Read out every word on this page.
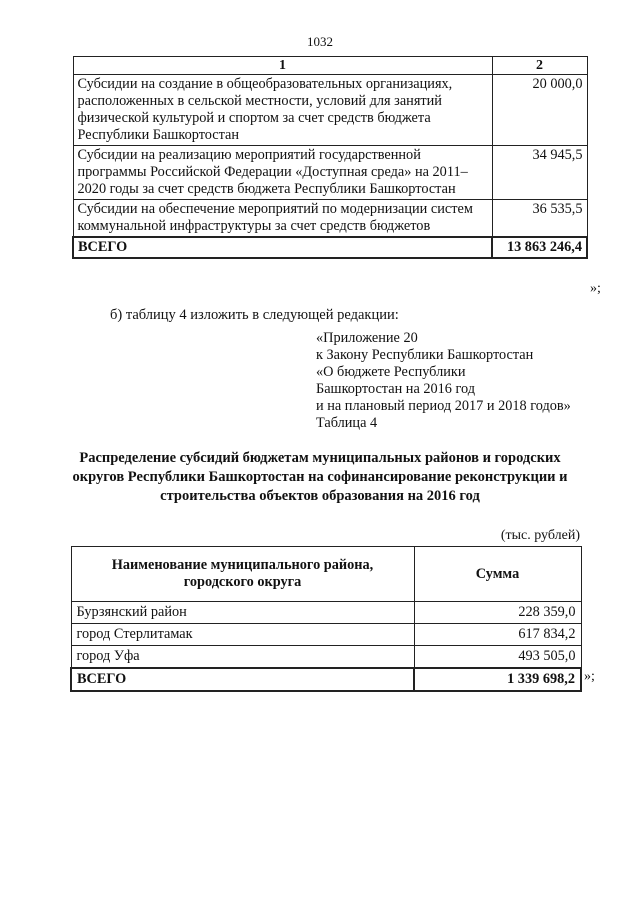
1032
1	2
Субсидии на создание в общеобразовательных организациях, расположенных в сельской местности, условий для занятий физической культурой и спортом за счет средств бюджета Республики Башкортостан	20 000,0
Субсидии на реализацию мероприятий государственной программы Российской Федерации «Доступная среда» на 2011–2020 годы за счет средств бюджета Республики Башкортостан	34 945,5
Субсидии на обеспечение мероприятий по модернизации систем коммунальной инфраструктуры за счет средств бюджетов	36 535,5
ВСЕГО	13 863 246,4
»;
б) таблицу 4 изложить в следующей редакции:
«Приложение 20
к Закону Республики Башкортостан
«О бюджете Республики
Башкортостан на 2016 год
и на плановый период 2017 и 2018 годов»
Таблица 4
Распределение субсидий бюджетам муниципальных районов и городских округов Республики Башкортостан на софинансирование реконструкции и строительства объектов образования на 2016 год
(тыс. рублей)
Наименование муниципального района, городского округа	Сумма
Бурзянский район	228 359,0
город Стерлитамак	617 834,2
город Уфа	493 505,0
ВСЕГО	1 339 698,2 »;
